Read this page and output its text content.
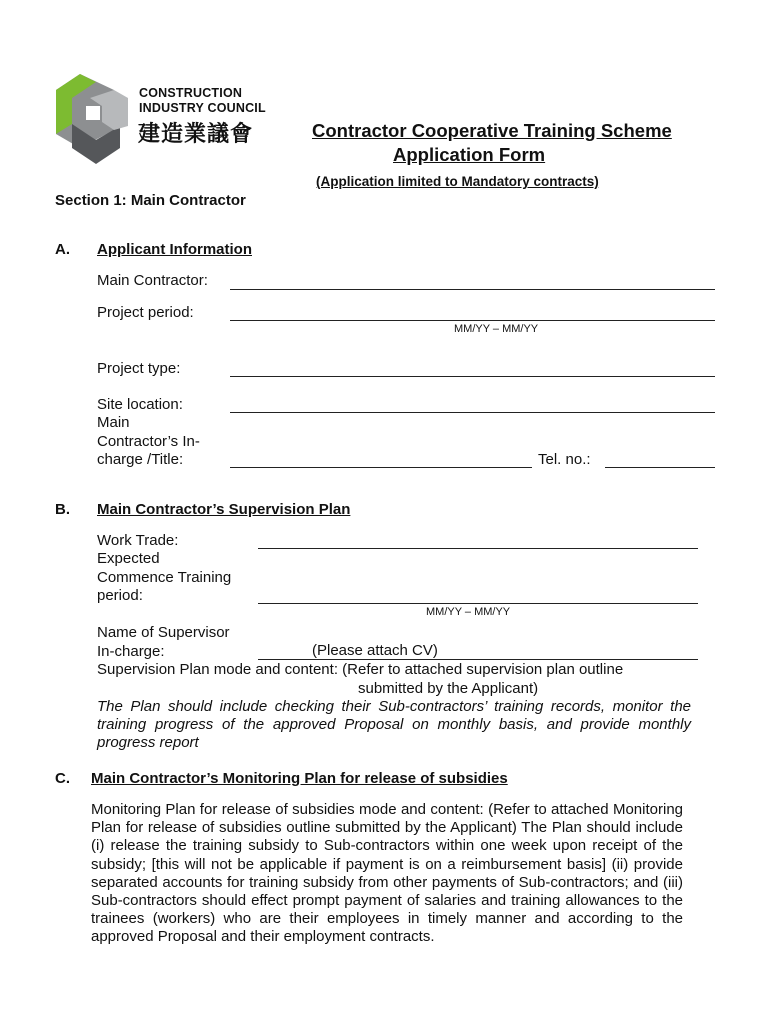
CONSTRUCTION
INDUSTRY COUNCIL
建造業議會	Contractor Cooperative Training Scheme
Application Form
(Application limited to Mandatory contracts)
Section 1: Main Contractor
A. Applicant Information
Main Contractor:
Project period:
MM/YY – MM/YY
Project type:
Site location:
Main
Contractor’s In-
charge /Title:	Tel. no.:
B. Main Contractor’s Supervision Plan
Work Trade:
Expected
Commence Training
period:
MM/YY – MM/YY
Name of Supervisor
In-charge:	(Please attach CV)
Supervision Plan mode and content: (Refer to attached supervision plan outline
submitted by the Applicant)
The Plan should include checking their Sub-contractors’ training records, monitor the training progress of the approved Proposal on monthly basis, and provide monthly progress report
C. Main Contractor’s Monitoring Plan for release of subsidies
Monitoring Plan for release of subsidies mode and content: (Refer to attached Monitoring Plan for release of subsidies outline submitted by the Applicant) The Plan should include (i) release the training subsidy to Sub-contractors within one week upon receipt of the subsidy; [this will not be applicable if payment is on a reimbursement basis] (ii) provide separated accounts for training subsidy from other payments of Sub-contractors; and (iii) Sub-contractors should effect prompt payment of salaries and training allowances to the trainees (workers) who are their employees in timely manner and according to the approved Proposal and their employment contracts.
